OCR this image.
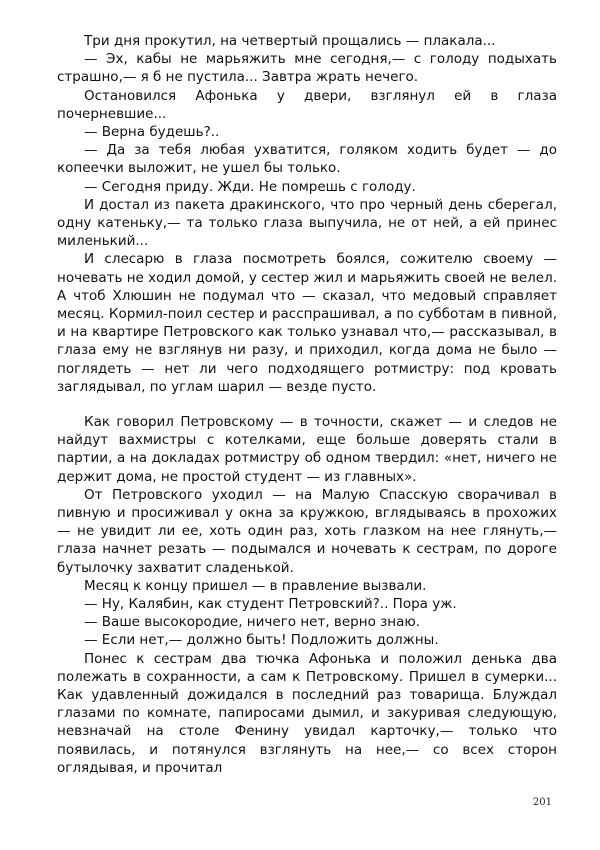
Три дня прокутил, на четвертый прощались — плакала...

— Эх, кабы не марьяжить мне сегодня,— с голоду подыхать страшно,— я б не пустила... Завтра жрать нечего.

Остановился Афонька у двери, взглянул ей в глаза почерневшие...

— Верна будешь?..

— Да за тебя любая ухватится, голяком ходить будет — до копеечки выложит, не ушел бы только.

— Сегодня приду. Жди. Не помрешь с голоду.

И достал из пакета дракинского, что про черный день сберегал, одну катеньку,— та только глаза выпучила, не от ней, а ей принес миленький...

И слесарю в глаза посмотреть боялся, сожителю своему — ночевать не ходил домой, у сестер жил и марьяжить своей не велел. А чтоб Хлюшин не подумал что — сказал, что медовый справляет месяц. Кормил-поил сестер и расспрашивал, а по субботам в пивной, и на квартире Петровского как только узнавал что,— рассказывал, в глаза ему не взглянув ни разу, и приходил, когда дома не было — поглядеть — нет ли чего подходящего ротмистру: под кровать заглядывал, по углам шарил — везде пусто.

Как говорил Петровскому — в точности, скажет — и следов не найдут вахмистры с котелками, еще больше доверять стали в партии, а на докладах ротмистру об одном твердил: «нет, ничего не держит дома, не простой студент — из главных».

От Петровского уходил — на Малую Спасскую сворачивал в пивную и просиживал у окна за кружкою, вглядываясь в прохожих — не увидит ли ее, хоть один раз, хоть глазком на нее глянуть,— глаза начнет резать — подымался и ночевать к сестрам, по дороге бутылочку захватит сладенькой.

Месяц к концу пришел — в правление вызвали.

— Ну, Калябин, как студент Петровский?.. Пора уж.

— Ваше высокородие, ничего нет, верно знаю.

— Если нет,— должно быть! Подложить должны.

Понес к сестрам два тючка Афонька и положил денька два полежать в сохранности, а сам к Петровскому. Пришел в сумерки... Как удавленный дожидался в последний раз товарища. Блуждал глазами по комнате, папиросами дымил, и закуривая следующую, невзначай на столе Фенину увидал карточку,— только что появилась, и потянулся взглянуть на нее,— со всех сторон оглядывая, и прочитал

201
